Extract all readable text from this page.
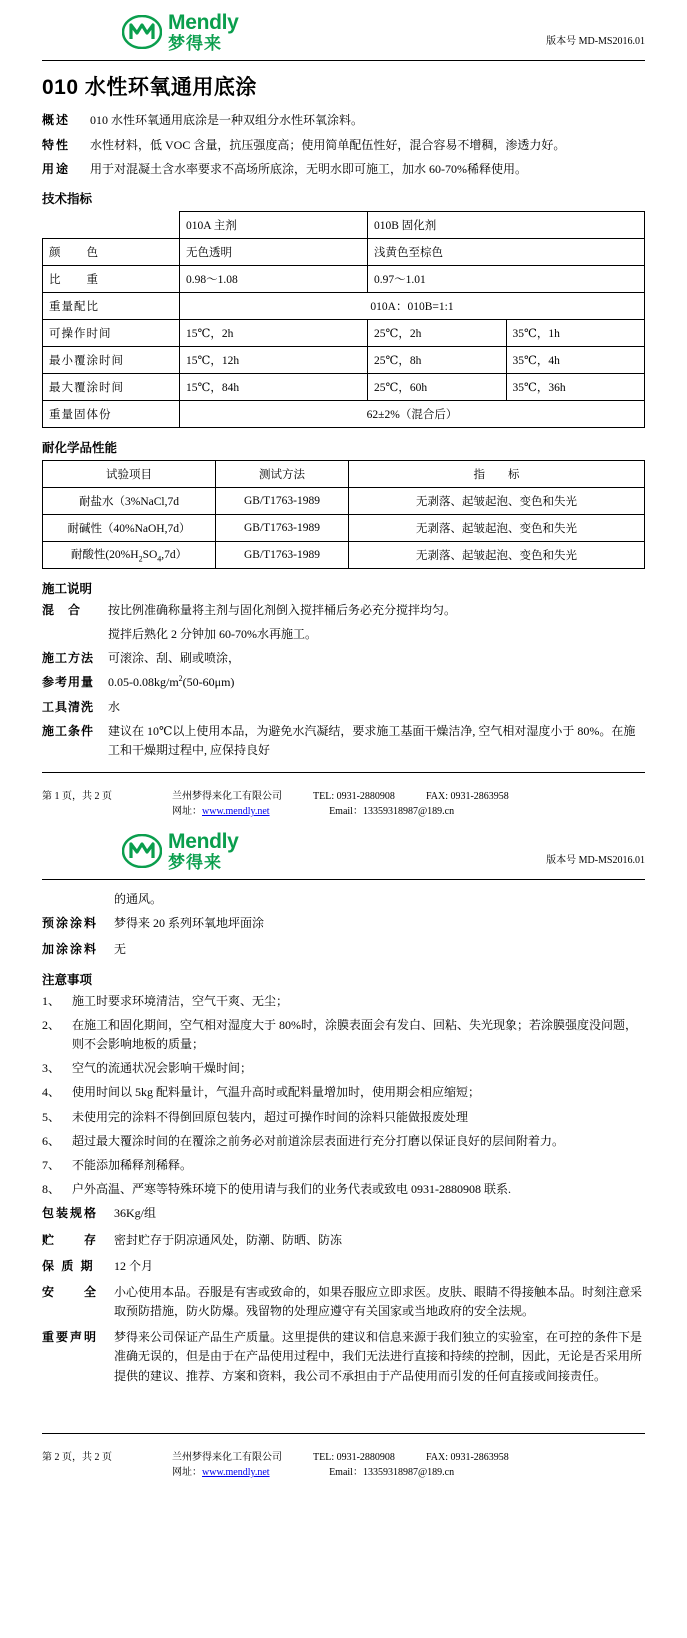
Mendly
梦得来	版本号 MD-MS2016.01
010 水性环氧通用底涂
概述	010 水性环氧通用底涂是一种双组分水性环氧涂料。
特性	水性材料，低 VOC 含量，抗压强度高；使用简单配伍性好，混合容易不增稠，渗透力好。
用途	用于对混凝土含水率要求不高场所底涂，无明水即可施工，加水 60-70%稀释使用。
技术指标
	010A 主剂	010B 固化剂	
颜　　色	无色透明	浅黄色至棕色	
比　　重	0.98～1.08	0.97～1.01	
重量配比	010A：010B=1:1		
可操作时间	15℃，2h	25℃，2h	35℃，1h
最小覆涂时间	15℃，12h	25℃，8h	35℃，4h
最大覆涂时间	15℃，84h	25℃，60h	35℃，36h
重量固体份	62±2%（混合后）		
耐化学品性能
试验项目	测试方法	指　　标
耐盐水（3%NaCl,7d	GB/T1763-1989	无剥落、起皱起泡、变色和失光
耐碱性（40%NaOH,7d）	GB/T1763-1989	无剥落、起皱起泡、变色和失光
耐酸性$(20\%H_2SO_4,7d)$	GB/T1763-1989	无剥落、起皱起泡、变色和失光
施工说明
混　合	按比例准确称量将主剂与固化剂倒入搅拌桶后务必充分搅拌均匀。
搅拌后熟化 2 分钟加 60-70%水再施工。
施工方法	可滚涂、刮、刷或喷涂，
参考用量	$0.05-0.08kg/m^2(50-60\mu m)$
工具清洗	水
施工条件	建议在 10℃以上使用本品，为避免水汽凝结，要求施工基面干燥洁净, 空气相对湿度小于 80%。在施工和干燥期过程中, 应保持良好
第 1 页，共 2 页	兰州梦得来化工有限公司	TEL: 0931-2880908	FAX: 0931-2863958
网址：www.mendly.net	Email：13359318987@189.cn
Mendly
梦得来	版本号 MD-MS2016.01
的通风。
预涂涂料	梦得来 20 系列环氧地坪面涂
加涂涂料	无
注意事项
1、 施工时要求环境清洁，空气干爽、无尘；
2、 在施工和固化期间，空气相对湿度大于 80%时，涂膜表面会有发白、回粘、失光现象；若涂膜强度没问题，则不会影响地板的质量；
3、 空气的流通状况会影响干燥时间；
4、 使用时间以 5kg 配料量计，气温升高时或配料量增加时，使用期会相应缩短；
5、 未使用完的涂料不得倒回原包装内，超过可操作时间的涂料只能做报废处理
6、 超过最大覆涂时间的在覆涂之前务必对前道涂层表面进行充分打磨以保证良好的层间附着力。
7、 不能添加稀释剂稀释。
8、 户外高温、严寒等特殊环境下的使用请与我们的业务代表或致电 0931-2880908 联系.
包装规格	36Kg/组
贮　　存	密封贮存于阴凉通风处，防潮、防晒、防冻
保 质 期	12 个月
安　　全	小心使用本品。吞服是有害或致命的，如果吞服应立即求医。皮肤、眼睛不得接触本品。时刻注意采取预防措施，防火防爆。残留物的处理应遵守有关国家或当地政府的安全法规。
重要声明	梦得来公司保证产品生产质量。这里提供的建议和信息来源于我们独立的实验室，在可控的条件下是准确无误的，但是由于在产品使用过程中，我们无法进行直接和持续的控制，因此，无论是否采用所提供的建议、推荐、方案和资料，我公司不承担由于产品使用而引发的任何直接或间接责任。
第 2 页，共 2 页	兰州梦得来化工有限公司	TEL: 0931-2880908	FAX: 0931-2863958
网址：www.mendly.net	Email：13359318987@189.cn
